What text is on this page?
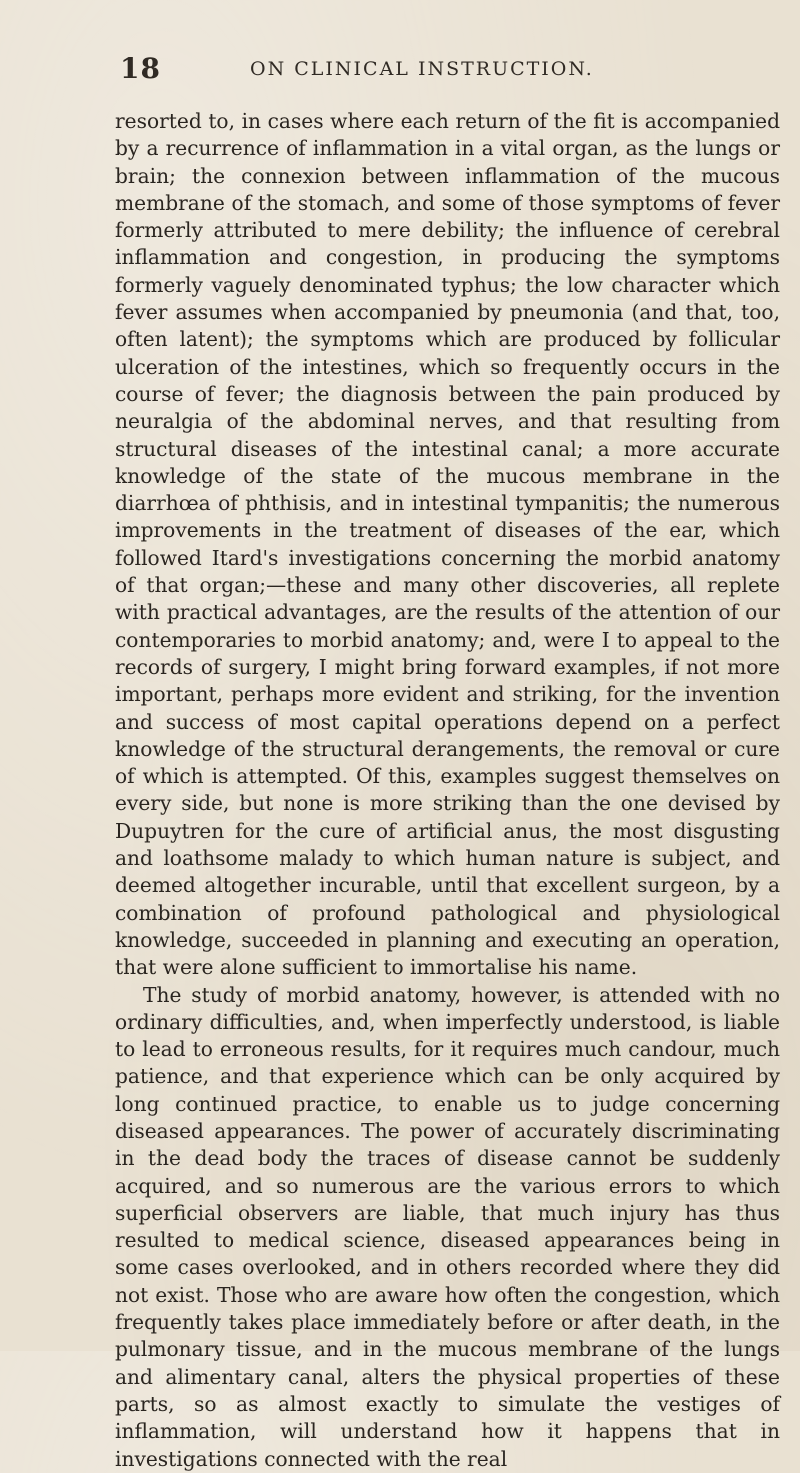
18	ON CLINICAL INSTRUCTION.

resorted to, in cases where each return of the fit is accompanied by a recurrence of inflammation in a vital organ, as the lungs or brain; the connexion between inflammation of the mucous membrane of the stomach, and some of those symptoms of fever formerly attributed to mere debility; the influence of cerebral inflammation and congestion, in producing the symptoms formerly vaguely denominated typhus; the low character which fever assumes when accompanied by pneumonia (and that, too, often latent); the symptoms which are produced by follicular ulceration of the intestines, which so frequently occurs in the course of fever; the diagnosis between the pain produced by neuralgia of the abdominal nerves, and that resulting from structural diseases of the intestinal canal; a more accurate knowledge of the state of the mucous membrane in the diarrhœa of phthisis, and in intestinal tympanitis; the numerous improvements in the treatment of diseases of the ear, which followed Itard's investigations concerning the morbid anatomy of that organ;—these and many other discoveries, all replete with practical advantages, are the results of the attention of our contemporaries to morbid anatomy; and, were I to appeal to the records of surgery, I might bring forward examples, if not more important, perhaps more evident and striking, for the invention and success of most capital operations depend on a perfect knowledge of the structural derangements, the removal or cure of which is attempted. Of this, examples suggest themselves on every side, but none is more striking than the one devised by Dupuytren for the cure of artificial anus, the most disgusting and loathsome malady to which human nature is subject, and deemed altogether incurable, until that excellent surgeon, by a combination of profound pathological and physiological knowledge, succeeded in planning and executing an operation, that were alone sufficient to immortalise his name.

The study of morbid anatomy, however, is attended with no ordinary difficulties, and, when imperfectly understood, is liable to lead to erroneous results, for it requires much candour, much patience, and that experience which can be only acquired by long continued practice, to enable us to judge concerning diseased appearances. The power of accurately discriminating in the dead body the traces of disease cannot be suddenly acquired, and so numerous are the various errors to which superficial observers are liable, that much injury has thus resulted to medical science, diseased appearances being in some cases overlooked, and in others recorded where they did not exist. Those who are aware how often the congestion, which frequently takes place immediately before or after death, in the pulmonary tissue, and in the mucous membrane of the lungs and alimentary canal, alters the physical properties of these parts, so as almost exactly to simulate the vestiges of inflammation, will understand how it happens that in investigations connected with the real
